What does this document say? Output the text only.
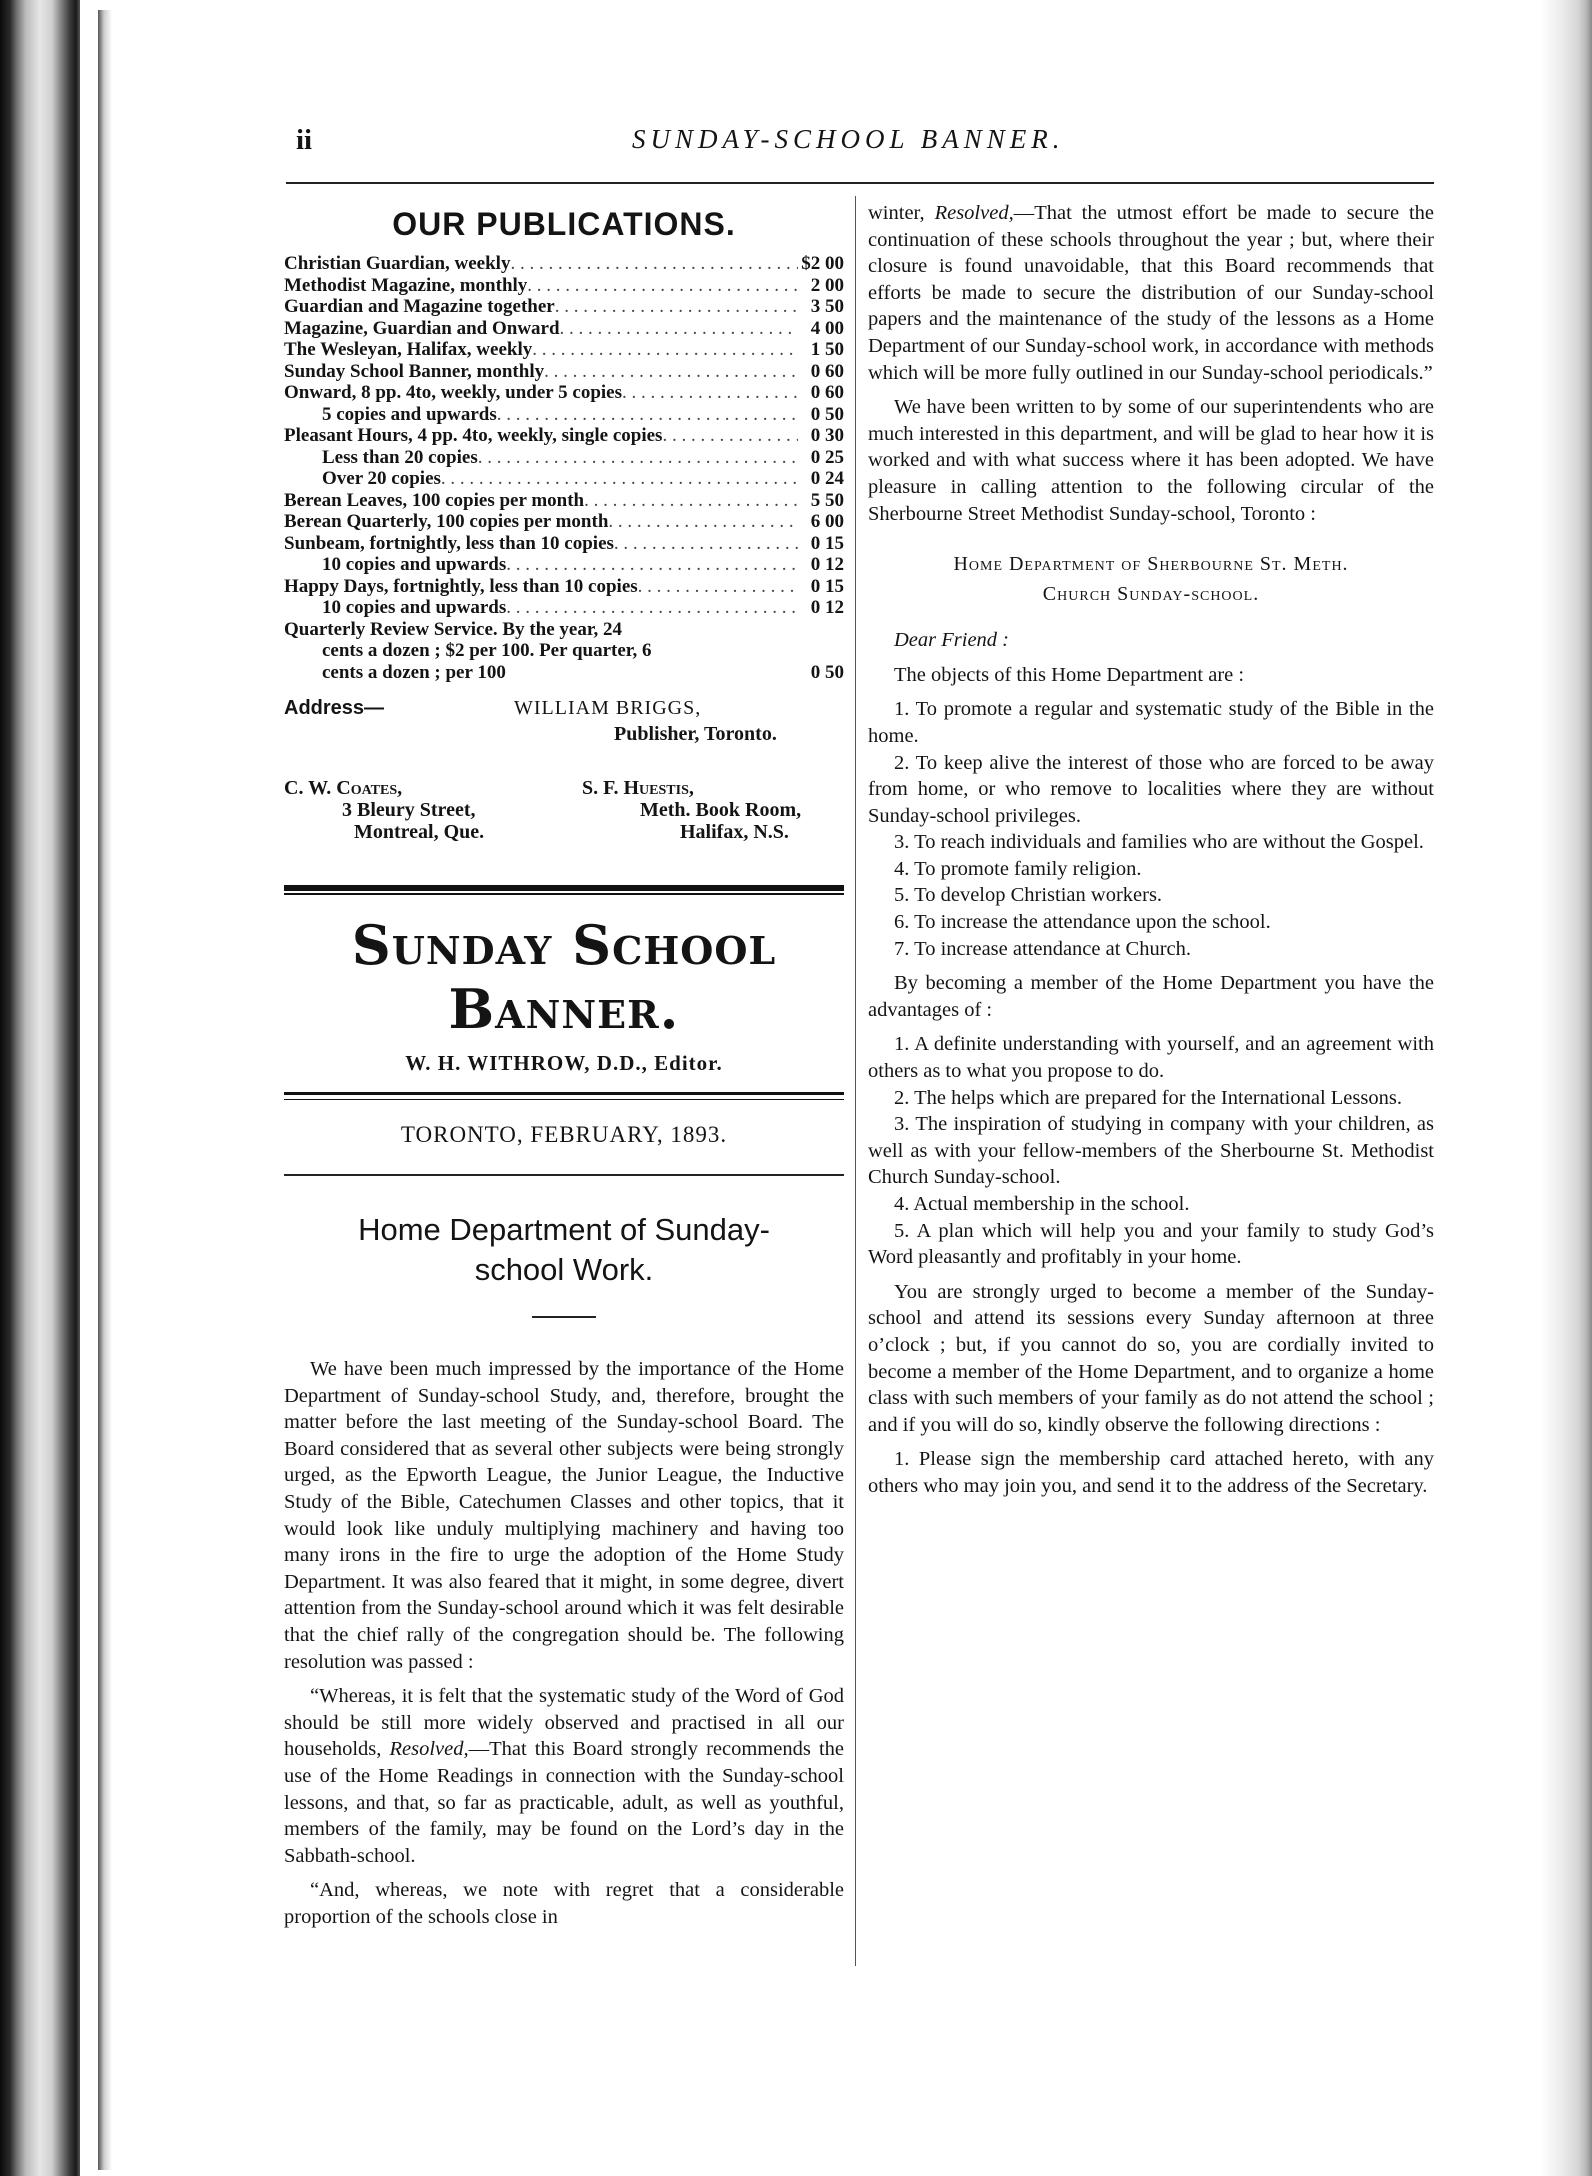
ii	SUNDAY-SCHOOL BANNER.
OUR PUBLICATIONS.
Christian Guardian, weekly . . .	$2 00
Methodist Magazine, monthly . . .	2 00
Guardian and Magazine together . . .	3 50
Magazine, Guardian and Onward . . .	4 00
The Wesleyan, Halifax, weekly . . .	1 50
Sunday School Banner, monthly . . .	0 60
Onward, 8 pp. 4to, weekly, under 5 copies . . .	0 60
5 copies and upwards . . .	0 50
Pleasant Hours, 4 pp. 4to, weekly, single copies . . .	0 30
Less than 20 copies . . .	0 25
Over 20 copies . . .	0 24
Berean Leaves, 100 copies per month . . .	5 50
Berean Quarterly, 100 copies per month . . .	6 00
Sunbeam, fortnightly, less than 10 copies . . .	0 15
10 copies and upwards . . .	0 12
Happy Days, fortnightly, less than 10 copies . . .	0 15
10 copies and upwards . . .	0 12
Quarterly Review Service. By the year, 24
cents a dozen ; $2 per 100. Per quarter, 6
cents a dozen ; per 100	0 50
Address—	WILLIAM BRIGGS,
Publisher, Toronto.
C. W. Coates,
3 Bleury Street,
Montreal, Que.
S. F. Huestis,
Meth. Book Room,
Halifax, N.S.
Sunday School Banner.
W. H. WITHROW, D.D., Editor.
TORONTO, FEBRUARY, 1893.
Home Department of Sunday-
school Work.

We have been much impressed by the importance of the Home Department of Sunday-school Study, and, therefore, brought the matter before the last meeting of the Sunday-school Board. The Board considered that as several other subjects were being strongly urged, as the Epworth League, the Junior League, the Inductive Study of the Bible, Catechumen Classes and other topics, that it would look like unduly multiplying machinery and having too many irons in the fire to urge the adoption of the Home Study Department. It was also feared that it might, in some degree, divert attention from the Sunday-school around which it was felt desirable that the chief rally of the congregation should be. The following resolution was passed :

“Whereas, it is felt that the systematic study of the Word of God should be still more widely observed and practised in all our households, Resolved,—That this Board strongly recommends the use of the Home Readings in connection with the Sunday-school lessons, and that, so far as practicable, adult, as well as youthful, members of the family, may be found on the Lord’s day in the Sabbath-school.

“And, whereas, we note with regret that a considerable proportion of the schools close in

winter, Resolved,—That the utmost effort be made to secure the continuation of these schools throughout the year ; but, where their closure is found unavoidable, that this Board recommends that efforts be made to secure the distribution of our Sunday-school papers and the maintenance of the study of the lessons as a Home Department of our Sunday-school work, in accordance with methods which will be more fully outlined in our Sunday-school periodicals.”

We have been written to by some of our superintendents who are much interested in this department, and will be glad to hear how it is worked and with what success where it has been adopted. We have pleasure in calling attention to the following circular of the Sherbourne Street Methodist Sunday-school, Toronto :

Home Department of Sherbourne St. Meth.
Church Sunday-school.

Dear Friend :

The objects of this Home Department are :

1. To promote a regular and systematic study of the Bible in the home.

2. To keep alive the interest of those who are forced to be away from home, or who remove to localities where they are without Sunday-school privileges.

3. To reach individuals and families who are without the Gospel.

4. To promote family religion.

5. To develop Christian workers.

6. To increase the attendance upon the school.

7. To increase attendance at Church.

By becoming a member of the Home Department you have the advantages of :

1. A definite understanding with yourself, and an agreement with others as to what you propose to do.

2. The helps which are prepared for the International Lessons.

3. The inspiration of studying in company with your children, as well as with your fellow-members of the Sherbourne St. Methodist Church Sunday-school.

4. Actual membership in the school.

5. A plan which will help you and your family to study God’s Word pleasantly and profitably in your home.

You are strongly urged to become a member of the Sunday-school and attend its sessions every Sunday afternoon at three o’clock ; but, if you cannot do so, you are cordially invited to become a member of the Home Department, and to organize a home class with such members of your family as do not attend the school ; and if you will do so, kindly observe the following directions :

1. Please sign the membership card attached hereto, with any others who may join you, and send it to the address of the Secretary.
